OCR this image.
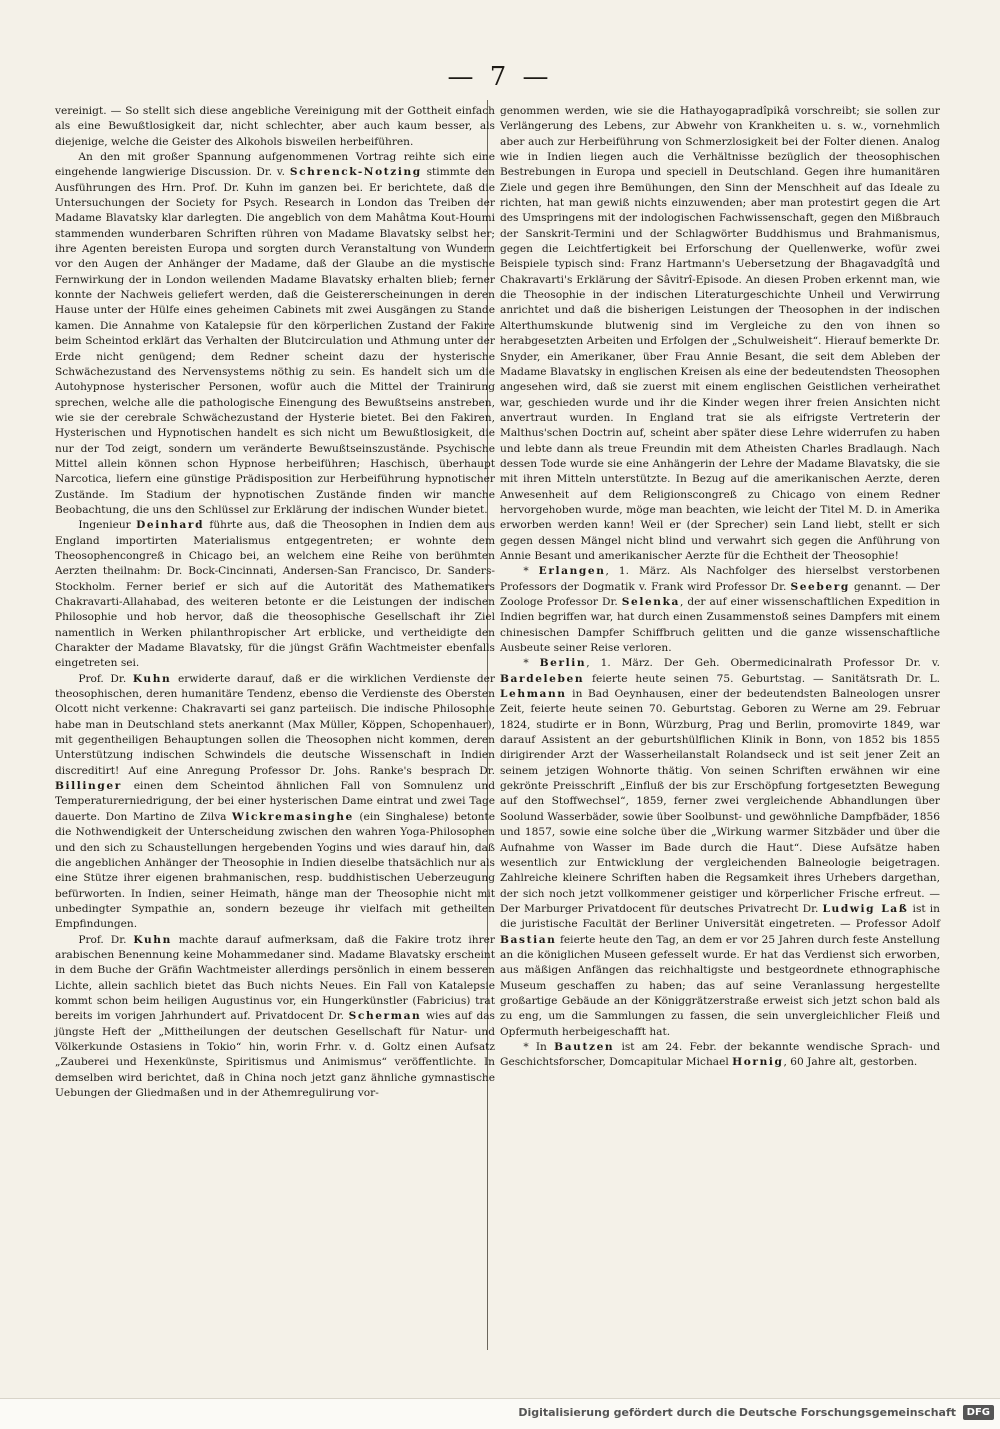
— 7 —

vereinigt. — So stellt sich diese angebliche Vereinigung mit der Gottheit einfach als eine Bewußtlosigkeit dar, nicht schlechter, aber auch kaum besser, als diejenige, welche die Geister des Alkohols bisweilen herbeiführen.

An den mit großer Spannung aufgenommenen Vortrag reihte sich eine eingehende langwierige Discussion. Dr. v. Schrenck-Notzing stimmte den Ausführungen des Hrn. Prof. Dr. Kuhn im ganzen bei. Er berichtete, daß die Untersuchungen der Society for Psych. Research in London das Treiben der Madame Blavatsky klar darlegten. Die angeblich von dem Mahâtma Kout-Houmi stammenden wunderbaren Schriften rühren von Madame Blavatsky selbst her; ihre Agenten bereisten Europa und sorgten durch Veranstaltung von Wundern vor den Augen der Anhänger der Madame, daß der Glaube an die mystische Fernwirkung der in London weilenden Madame Blavatsky erhalten blieb; ferner konnte der Nachweis geliefert werden, daß die Geistererscheinungen in deren Hause unter der Hülfe eines geheimen Cabinets mit zwei Ausgängen zu Stande kamen. Die Annahme von Katalepsie für den körperlichen Zustand der Fakire beim Scheintod erklärt das Verhalten der Blutcirculation und Athmung unter der Erde nicht genügend; dem Redner scheint dazu der hysterische Schwächezustand des Nervensystems nöthig zu sein. Es handelt sich um die Autohypnose hysterischer Personen, wofür auch die Mittel der Trainirung sprechen, welche alle die pathologische Einengung des Bewußtseins anstreben, wie sie der cerebrale Schwächezustand der Hysterie bietet. Bei den Fakiren, Hysterischen und Hypnotischen handelt es sich nicht um Bewußtlosigkeit, die nur der Tod zeigt, sondern um veränderte Bewußtseinszustände. Psychische Mittel allein können schon Hypnose herbeiführen; Haschisch, überhaupt Narcotica, liefern eine günstige Prädisposition zur Herbeiführung hypnotischer Zustände. Im Stadium der hypnotischen Zustände finden wir manche Beobachtung, die uns den Schlüssel zur Erklärung der indischen Wunder bietet.

Ingenieur Deinhard führte aus, daß die Theosophen in Indien dem aus England importirten Materialismus entgegentreten; er wohnte dem Theosophencongreß in Chicago bei, an welchem eine Reihe von berühmten Aerzten theilnahm: Dr. Bock-Cincinnati, Andersen-San Francisco, Dr. Sanders-Stockholm. Ferner berief er sich auf die Autorität des Mathematikers Chakravarti-Allahabad, des weiteren betonte er die Leistungen der indischen Philosophie und hob hervor, daß die theosophische Gesellschaft ihr Ziel namentlich in Werken philanthropischer Art erblicke, und vertheidigte den Charakter der Madame Blavatsky, für die jüngst Gräfin Wachtmeister ebenfalls eingetreten sei.

Prof. Dr. Kuhn erwiderte darauf, daß er die wirklichen Verdienste der theosophischen, deren humanitäre Tendenz, ebenso die Verdienste des Obersten Olcott nicht verkenne: Chakravarti sei ganz parteiisch. Die indische Philosophie habe man in Deutschland stets anerkannt (Max Müller, Köppen, Schopenhauer), mit gegentheiligen Behauptungen sollen die Theosophen nicht kommen, deren Unterstützung indischen Schwindels die deutsche Wissenschaft in Indien discreditirt! Auf eine Anregung Professor Dr. Johs. Ranke's besprach Dr. Billinger einen dem Scheintod ähnlichen Fall von Somnulenz und Temperaturerniedrigung, der bei einer hysterischen Dame eintrat und zwei Tage dauerte. Don Martino de Zilva Wickremasinghe (ein Singhalese) betonte die Nothwendigkeit der Unterscheidung zwischen den wahren Yoga-Philosophen und den sich zu Schaustellungen hergebenden Yogins und wies darauf hin, daß die angeblichen Anhänger der Theosophie in Indien dieselbe thatsächlich nur als eine Stütze ihrer eigenen brahmanischen, resp. buddhistischen Ueberzeugung befürworten. In Indien, seiner Heimath, hänge man der Theosophie nicht mit unbedingter Sympathie an, sondern bezeuge ihr vielfach mit getheilten Empfindungen.

Prof. Dr. Kuhn machte darauf aufmerksam, daß die Fakire trotz ihrer arabischen Benennung keine Mohammedaner sind. Madame Blavatsky erscheint in dem Buche der Gräfin Wachtmeister allerdings persönlich in einem besseren Lichte, allein sachlich bietet das Buch nichts Neues. Ein Fall von Katalepsie kommt schon beim heiligen Augustinus vor, ein Hungerkünstler (Fabricius) trat bereits im vorigen Jahrhundert auf. Privatdocent Dr. Scherman wies auf das jüngste Heft der „Mittheilungen der deutschen Gesellschaft für Natur- und Völkerkunde Ostasiens in Tokio“ hin, worin Frhr. v. d. Goltz einen Aufsatz „Zauberei und Hexenkünste, Spiritismus und Animismus“ veröffentlichte. In demselben wird berichtet, daß in China noch jetzt ganz ähnliche gymnastische Uebungen der Gliedmaßen und in der Athemregulirung vor-

genommen werden, wie sie die Hathayogapradîpikâ vorschreibt; sie sollen zur Verlängerung des Lebens, zur Abwehr von Krankheiten u. s. w., vornehmlich aber auch zur Herbeiführung von Schmerzlosigkeit bei der Folter dienen. Analog wie in Indien liegen auch die Verhältnisse bezüglich der theosophischen Bestrebungen in Europa und speciell in Deutschland. Gegen ihre humanitären Ziele und gegen ihre Bemühungen, den Sinn der Menschheit auf das Ideale zu richten, hat man gewiß nichts einzuwenden; aber man protestirt gegen die Art des Umspringens mit der indologischen Fachwissenschaft, gegen den Mißbrauch der Sanskrit-Termini und der Schlagwörter Buddhismus und Brahmanismus, gegen die Leichtfertigkeit bei Erforschung der Quellenwerke, wofür zwei Beispiele typisch sind: Franz Hartmann's Uebersetzung der Bhagavadgîtâ und Chakravarti's Erklärung der Sâvitrî-Episode. An diesen Proben erkennt man, wie die Theosophie in der indischen Literaturgeschichte Unheil und Verwirrung anrichtet und daß die bisherigen Leistungen der Theosophen in der indischen Alterthumskunde blutwenig sind im Vergleiche zu den von ihnen so herabgesetzten Arbeiten und Erfolgen der „Schulweisheit“. Hierauf bemerkte Dr. Snyder, ein Amerikaner, über Frau Annie Besant, die seit dem Ableben der Madame Blavatsky in englischen Kreisen als eine der bedeutendsten Theosophen angesehen wird, daß sie zuerst mit einem englischen Geistlichen verheirathet war, geschieden wurde und ihr die Kinder wegen ihrer freien Ansichten nicht anvertraut wurden. In England trat sie als eifrigste Vertreterin der Malthus'schen Doctrin auf, scheint aber später diese Lehre widerrufen zu haben und lebte dann als treue Freundin mit dem Atheisten Charles Bradlaugh. Nach dessen Tode wurde sie eine Anhängerin der Lehre der Madame Blavatsky, die sie mit ihren Mitteln unterstützte. In Bezug auf die amerikanischen Aerzte, deren Anwesenheit auf dem Religionscongreß zu Chicago von einem Redner hervorgehoben wurde, möge man beachten, wie leicht der Titel M. D. in Amerika erworben werden kann! Weil er (der Sprecher) sein Land liebt, stellt er sich gegen dessen Mängel nicht blind und verwahrt sich gegen die Anführung von Annie Besant und amerikanischer Aerzte für die Echtheit der Theosophie!

* Erlangen, 1. März. Als Nachfolger des hierselbst verstorbenen Professors der Dogmatik v. Frank wird Professor Dr. Seeberg genannt. — Der Zoologe Professor Dr. Selenka, der auf einer wissenschaftlichen Expedition in Indien begriffen war, hat durch einen Zusammenstoß seines Dampfers mit einem chinesischen Dampfer Schiffbruch gelitten und die ganze wissenschaftliche Ausbeute seiner Reise verloren.

* Berlin, 1. März. Der Geh. Obermedicinalrath Professor Dr. v. Bardeleben feierte heute seinen 75. Geburtstag. — Sanitätsrath Dr. L. Lehmann in Bad Oeynhausen, einer der bedeutendsten Balneologen unsrer Zeit, feierte heute seinen 70. Geburtstag. Geboren zu Werne am 29. Februar 1824, studirte er in Bonn, Würzburg, Prag und Berlin, promovirte 1849, war darauf Assistent an der geburtshülflichen Klinik in Bonn, von 1852 bis 1855 dirigirender Arzt der Wasserheilanstalt Rolandseck und ist seit jener Zeit an seinem jetzigen Wohnorte thätig. Von seinen Schriften erwähnen wir eine gekrönte Preisschrift „Einfluß der bis zur Erschöpfung fortgesetzten Bewegung auf den Stoffwechsel“, 1859, ferner zwei vergleichende Abhandlungen über Soolund Wasserbäder, sowie über Soolbunst- und gewöhnliche Dampfbäder, 1856 und 1857, sowie eine solche über die „Wirkung warmer Sitzbäder und über die Aufnahme von Wasser im Bade durch die Haut“. Diese Aufsätze haben wesentlich zur Entwicklung der vergleichenden Balneologie beigetragen. Zahlreiche kleinere Schriften haben die Regsamkeit ihres Urhebers dargethan, der sich noch jetzt vollkommener geistiger und körperlicher Frische erfreut. — Der Marburger Privatdocent für deutsches Privatrecht Dr. Ludwig Laß ist in die juristische Facultät der Berliner Universität eingetreten. — Professor Adolf Bastian feierte heute den Tag, an dem er vor 25 Jahren durch feste Anstellung an die königlichen Museen gefesselt wurde. Er hat das Verdienst sich erworben, aus mäßigen Anfängen das reichhaltigste und bestgeordnete ethnographische Museum geschaffen zu haben; das auf seine Veranlassung hergestellte großartige Gebäude an der Königgrätzerstraße erweist sich jetzt schon bald als zu eng, um die Sammlungen zu fassen, die sein unvergleichlicher Fleiß und Opfermuth herbeigeschafft hat.

* In Bautzen ist am 24. Febr. der bekannte wendische Sprach- und Geschichtsforscher, Domcapitular Michael Hornig, 60 Jahre alt, gestorben.

Digitalisierung gefördert durch die Deutsche Forschungsgemeinschaft	DFG
